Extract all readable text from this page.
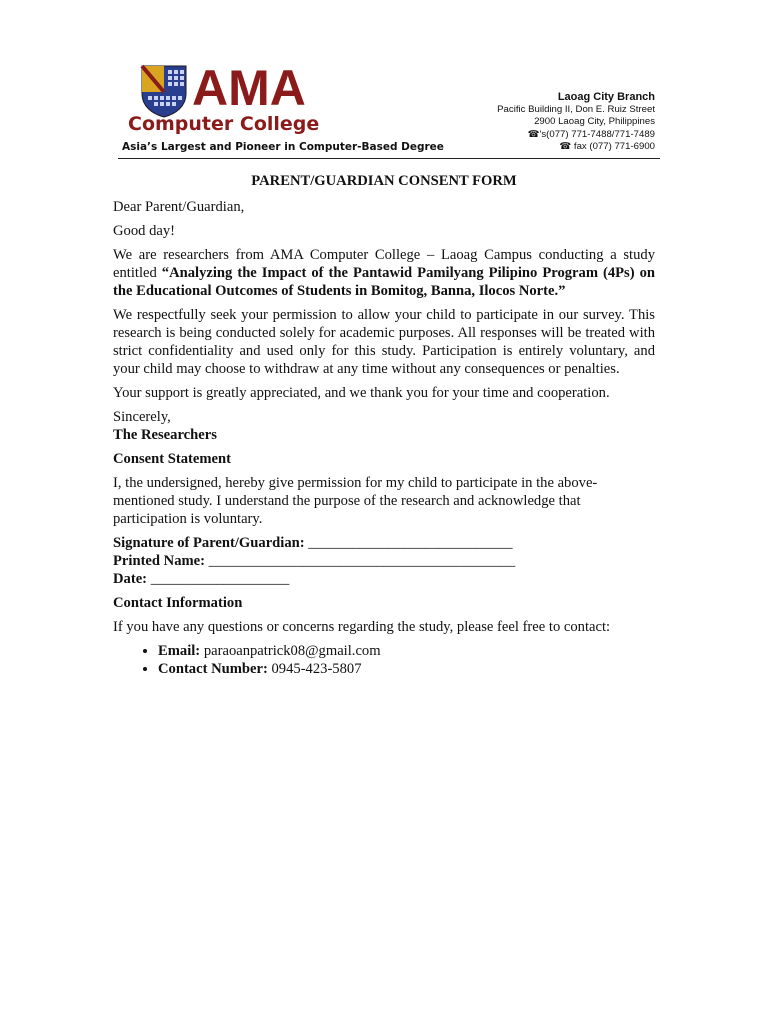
AMA
Computer College
Asia’s Largest and Pioneer in Computer-Based Degree
Laoag City Branch
Pacific Building II, Don E. Ruiz Street
2900 Laoag City, Philippines
☎'s(077) 771-7488/771-7489
☎ fax (077) 771-6900

PARENT/GUARDIAN CONSENT FORM

Dear Parent/Guardian,

Good day!

We are researchers from AMA Computer College – Laoag Campus conducting a study entitled “Analyzing the Impact of the Pantawid Pamilyang Pilipino Program (4Ps) on the Educational Outcomes of Students in Bomitog, Banna, Ilocos Norte.”

We respectfully seek your permission to allow your child to participate in our survey. This research is being conducted solely for academic purposes. All responses will be treated with strict confidentiality and used only for this study. Participation is entirely voluntary, and your child may choose to withdraw at any time without any consequences or penalties.

Your support is greatly appreciated, and we thank you for your time and cooperation.

Sincerely,

The Researchers

Consent Statement

I, the undersigned, hereby give permission for my child to participate in the above-mentioned study. I understand the purpose of the research and acknowledge that participation is voluntary.

Signature of Parent/Guardian: ____________________________

Printed Name: __________________________________________

Date: ___________________

Contact Information

If you have any questions or concerns regarding the study, please feel free to contact:

• Email: paraoanpatrick08@gmail.com
• Contact Number: 0945-423-5807
